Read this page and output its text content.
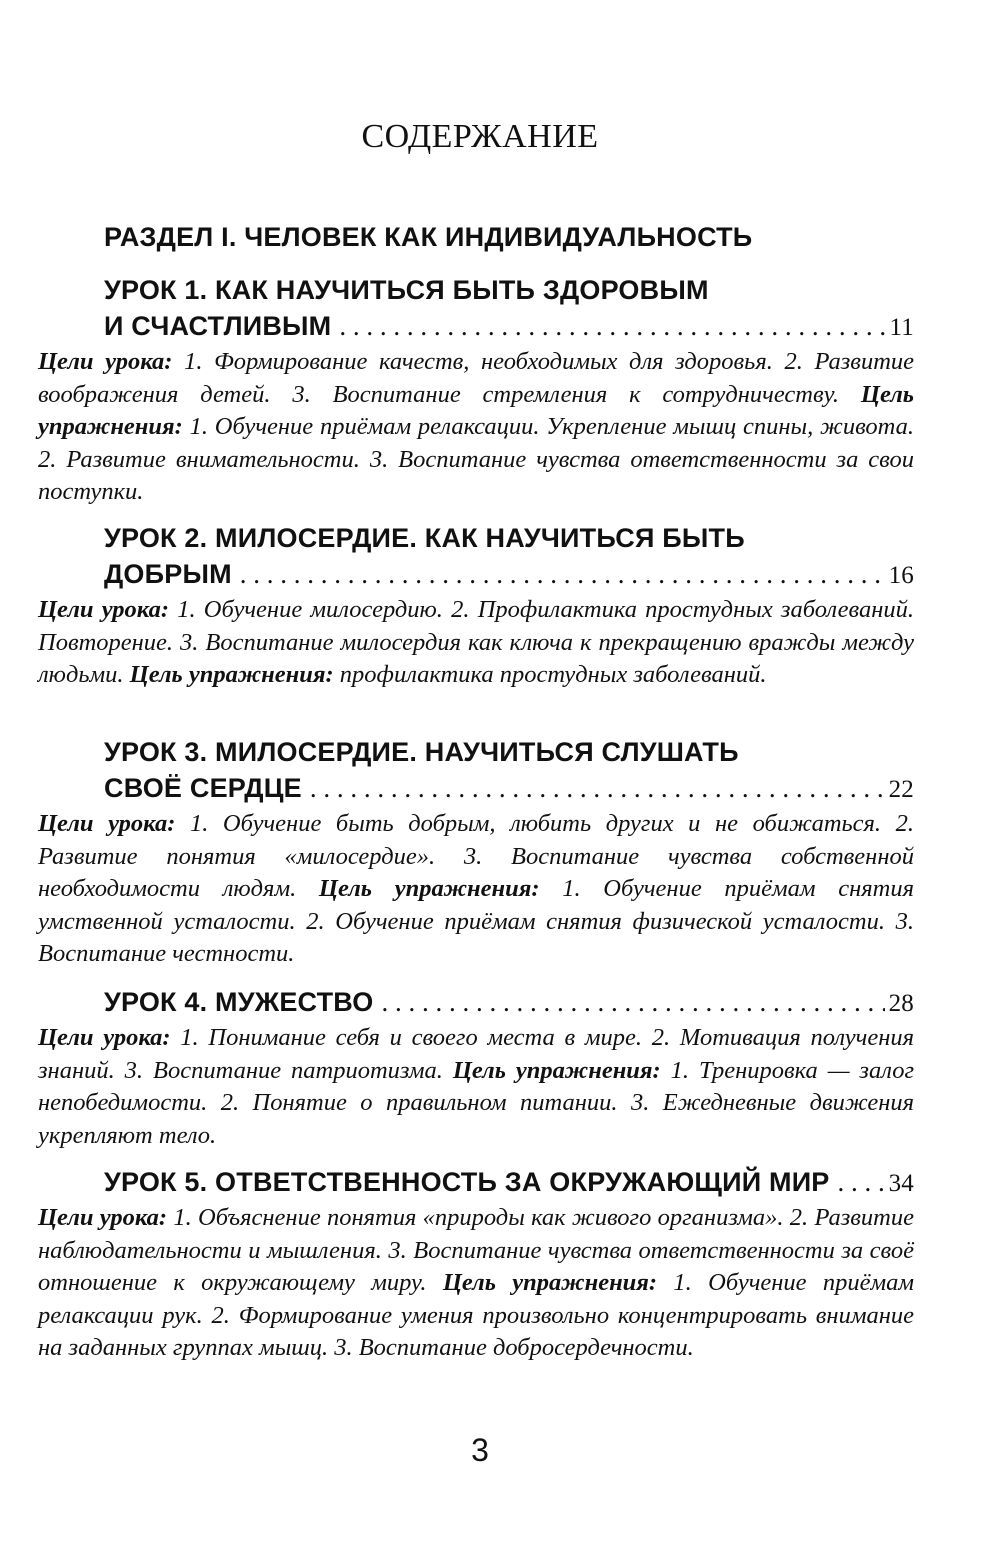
СОДЕРЖАНИЕ
РАЗДЕЛ I. ЧЕЛОВЕК КАК ИНДИВИДУАЛЬНОСТЬ
УРОК 1. КАК НАУЧИТЬСЯ БЫТЬ ЗДОРОВЫМ
И СЧАСТЛИВЫМ . . .	11

Цели урока: 1. Формирование качеств, необходимых для здоровья. 2. Развитие воображения детей. 3. Воспитание стремления к сотрудничеству. Цель упражнения: 1. Обучение приёмам релаксации. Укрепление мышц спины, живота. 2. Развитие внимательности. 3. Воспитание чувства ответственности за свои поступки.

УРОК 2. МИЛОСЕРДИЕ. КАК НАУЧИТЬСЯ БЫТЬ
ДОБРЫМ . . .	16

Цели урока: 1. Обучение милосердию. 2. Профилактика простудных заболеваний. Повторение. 3. Воспитание милосердия как ключа к прекращению вражды между людьми. Цель упражнения: профилактика простудных заболеваний.

УРОК 3. МИЛОСЕРДИЕ. НАУЧИТЬСЯ СЛУШАТЬ
СВОЁ СЕРДЦЕ . . .	22

Цели урока: 1. Обучение быть добрым, любить других и не обижаться. 2. Развитие понятия «милосердие». 3. Воспитание чувства собственной необходимости людям. Цель упражнения: 1. Обучение приёмам снятия умственной усталости. 2. Обучение приёмам снятия физической усталости. 3. Воспитание честности.

УРОК 4. МУЖЕСТВО . . .	28

Цели урока: 1. Понимание себя и своего места в мире. 2. Мотивация получения знаний. 3. Воспитание патриотизма. Цель упражнения: 1. Тренировка — залог непобедимости. 2. Понятие о правильном питании. 3. Ежедневные движения укрепляют тело.

УРОК 5. ОТВЕТСТВЕННОСТЬ ЗА ОКРУЖАЮЩИЙ МИР . . . 34

Цели урока: 1. Объяснение понятия «природы как живого организма». 2. Развитие наблюдательности и мышления. 3. Воспитание чувства ответственности за своё отношение к окружающему миру. Цель упражнения: 1. Обучение приёмам релаксации рук. 2. Формирование умения произвольно концентрировать внимание на заданных группах мышц. 3. Воспитание добросердечности.

3
